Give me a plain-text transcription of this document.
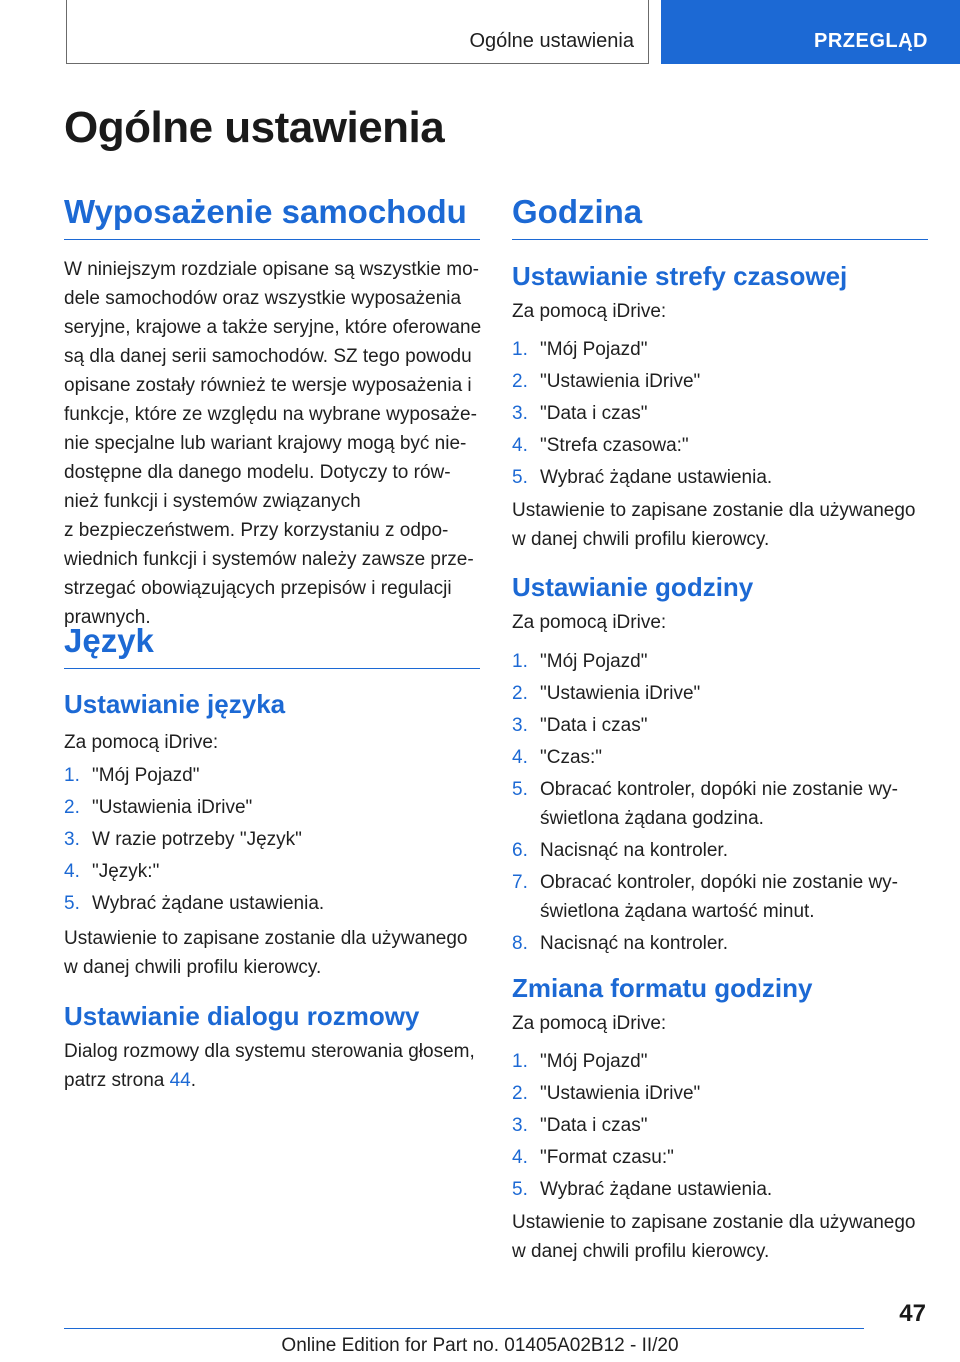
Ogólne ustawienia	PRZEGLĄD
Ogólne ustawienia
Wyposażenie samochodu

W niniejszym rozdziale opisane są wszystkie mo-

dele samochodów oraz wszystkie wyposażenia

seryjne, krajowe a także seryjne, które oferowane

są dla danej serii samochodów. SZ tego powodu

opisane zostały również te wersje wyposażenia i

funkcje, które ze względu na wybrane wyposaże-

nie specjalne lub wariant krajowy mogą być nie-

dostępne dla danego modelu. Dotyczy to rów-

nież funkcji i systemów związanych

z bezpieczeństwem. Przy korzystaniu z odpo-

wiednich funkcji i systemów należy zawsze prze-

strzegać obowiązujących przepisów i regulacji

prawnych.

Język
Ustawianie języka

Za pomocą iDrive:

1. "Mój Pojazd"
2. "Ustawienia iDrive"
3. W razie potrzeby "Język"
4. "Język:"
5. Wybrać żądane ustawienia.

Ustawienie to zapisane zostanie dla używanego

w danej chwili profilu kierowcy.

Ustawianie dialogu rozmowy

Dialog rozmowy dla systemu sterowania głosem,

patrz strona 44.

Godzina
Ustawianie strefy czasowej

Za pomocą iDrive:

1. "Mój Pojazd"
2. "Ustawienia iDrive"
3. "Data i czas"
4. "Strefa czasowa:"
5. Wybrać żądane ustawienia.

Ustawienie to zapisane zostanie dla używanego

w danej chwili profilu kierowcy.

Ustawianie godziny

Za pomocą iDrive:

1. "Mój Pojazd"
2. "Ustawienia iDrive"
3. "Data i czas"
4. "Czas:"
5. Obracać kontroler, dopóki nie zostanie wy-
świetlona żądana godzina.
6. Nacisnąć na kontroler.
7. Obracać kontroler, dopóki nie zostanie wy-
świetlona żądana wartość minut.
8. Nacisnąć na kontroler.
Zmiana formatu godziny

Za pomocą iDrive:

1. "Mój Pojazd"
2. "Ustawienia iDrive"
3. "Data i czas"
4. "Format czasu:"
5. Wybrać żądane ustawienia.

Ustawienie to zapisane zostanie dla używanego

w danej chwili profilu kierowcy.

47
Online Edition for Part no. 01405A02B12 - II/20
